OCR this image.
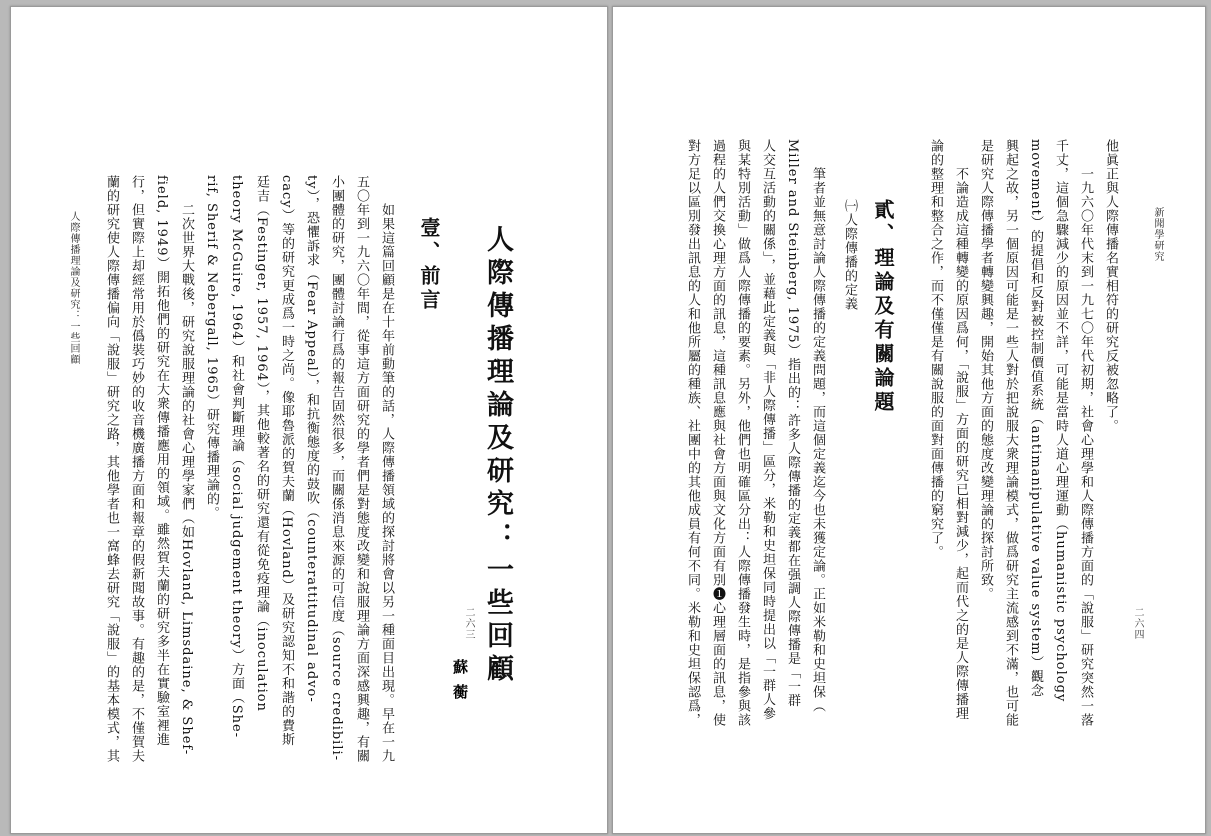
人際傳播理論及研究：一些回顧
二六三 人際傳播理論及研究：一些回顧

蘇蘅

壹、前言

如果這篇回顧是在十年前動筆的話，人際傳播領域的探討將會以另一種面目出現。早在一九

五〇年到一九六〇年間，從事這方面研究的學者們是對態度改變和說服理論方面深感興趣，有關

小團體的研究，團體討論行爲的報告固然很多，而關係消息來源的可信度（source credibili-

ty），恐懼訴求（Fear Appeal），和抗衡態度的鼓吹（counterattitudinal advo-

cacy）等的研究更成爲一時之尚。像耶魯派的賀夫蘭（Hovland）及研究認知不和諧的費斯

廷吉（Festinger, 1957, 1964），其他較著名的研究還有從免疫理論（inoculation

theory McGuire, 1964）和社會判斷理論（social judgement theory）方面（She-

rif, Sherif & Nebergall, 1965）研究傳播理論的。

二次世界大戰後，研究說服理論的社會心理學家們（如Hovland, Limsdaine, & Shef-

field, 1949）開拓他們的研究在大衆傳播應用的領域。雖然賀夫蘭的研究多半在實驗室裡進

行，但實際上却經常用於僞裝巧妙的收音機廣播方面和報章的假新聞故事。有趣的是，不僅賀夫

蘭的研究使人際傳播偏向「說服」研究之路，其他學者也一窩蜂去研究「說服」的基本模式，其	新聞學研究
二六四

他眞正與人際傳播名實相符的研究反被忽略了。

一九六〇年代末到一九七〇年代初期，社會心理學和人際傳播方面的「說服」研究突然一落

千丈，這個急驟減少的原因並不詳，可能是當時人道心理運動（humanistic psychology

movement）的提倡和反對被控制價值系統（antimanipulative value system）觀念

興起之故，另一個原因可能是一些人對於把說服大衆理論模式，做爲研究主流感到不滿，也可能

是研究人際傳播學者轉變興趣，開始其他方面的態度改變理論的探討所致。

不論造成這種轉變的原因爲何，「說服」方面的研究已相對減少，起而代之的是人際傳播理

論的整理和整合之作，而不僅僅是有關說服的面對面傳播的窮究了。

貳、理論及有關論題

㈠人際傳播的定義

筆者並無意討論人際傳播的定義問題，而這個定義迄今也未獲定論。正如米勒和史坦保（

Miller and Steinberg, 1975）指出的：許多人際傳播的定義都在强調人際傳播是「一群

人交互活動的關係」，並藉此定義與「非人際傳播」區分，米勒和史坦保同時提出以「一群人參

與某特別活動」做爲人際傳播的要素。另外，他們也明確區分出：人際傳播發生時，是指參與該

過程的人們交換心理方面的訊息，這種訊息應與社會方面與文化方面有別❶心理層面的訊息，使

對方足以區別發出訊息的人和他所屬的種族、社團中的其他成員有何不同。米勒和史坦保認爲，
